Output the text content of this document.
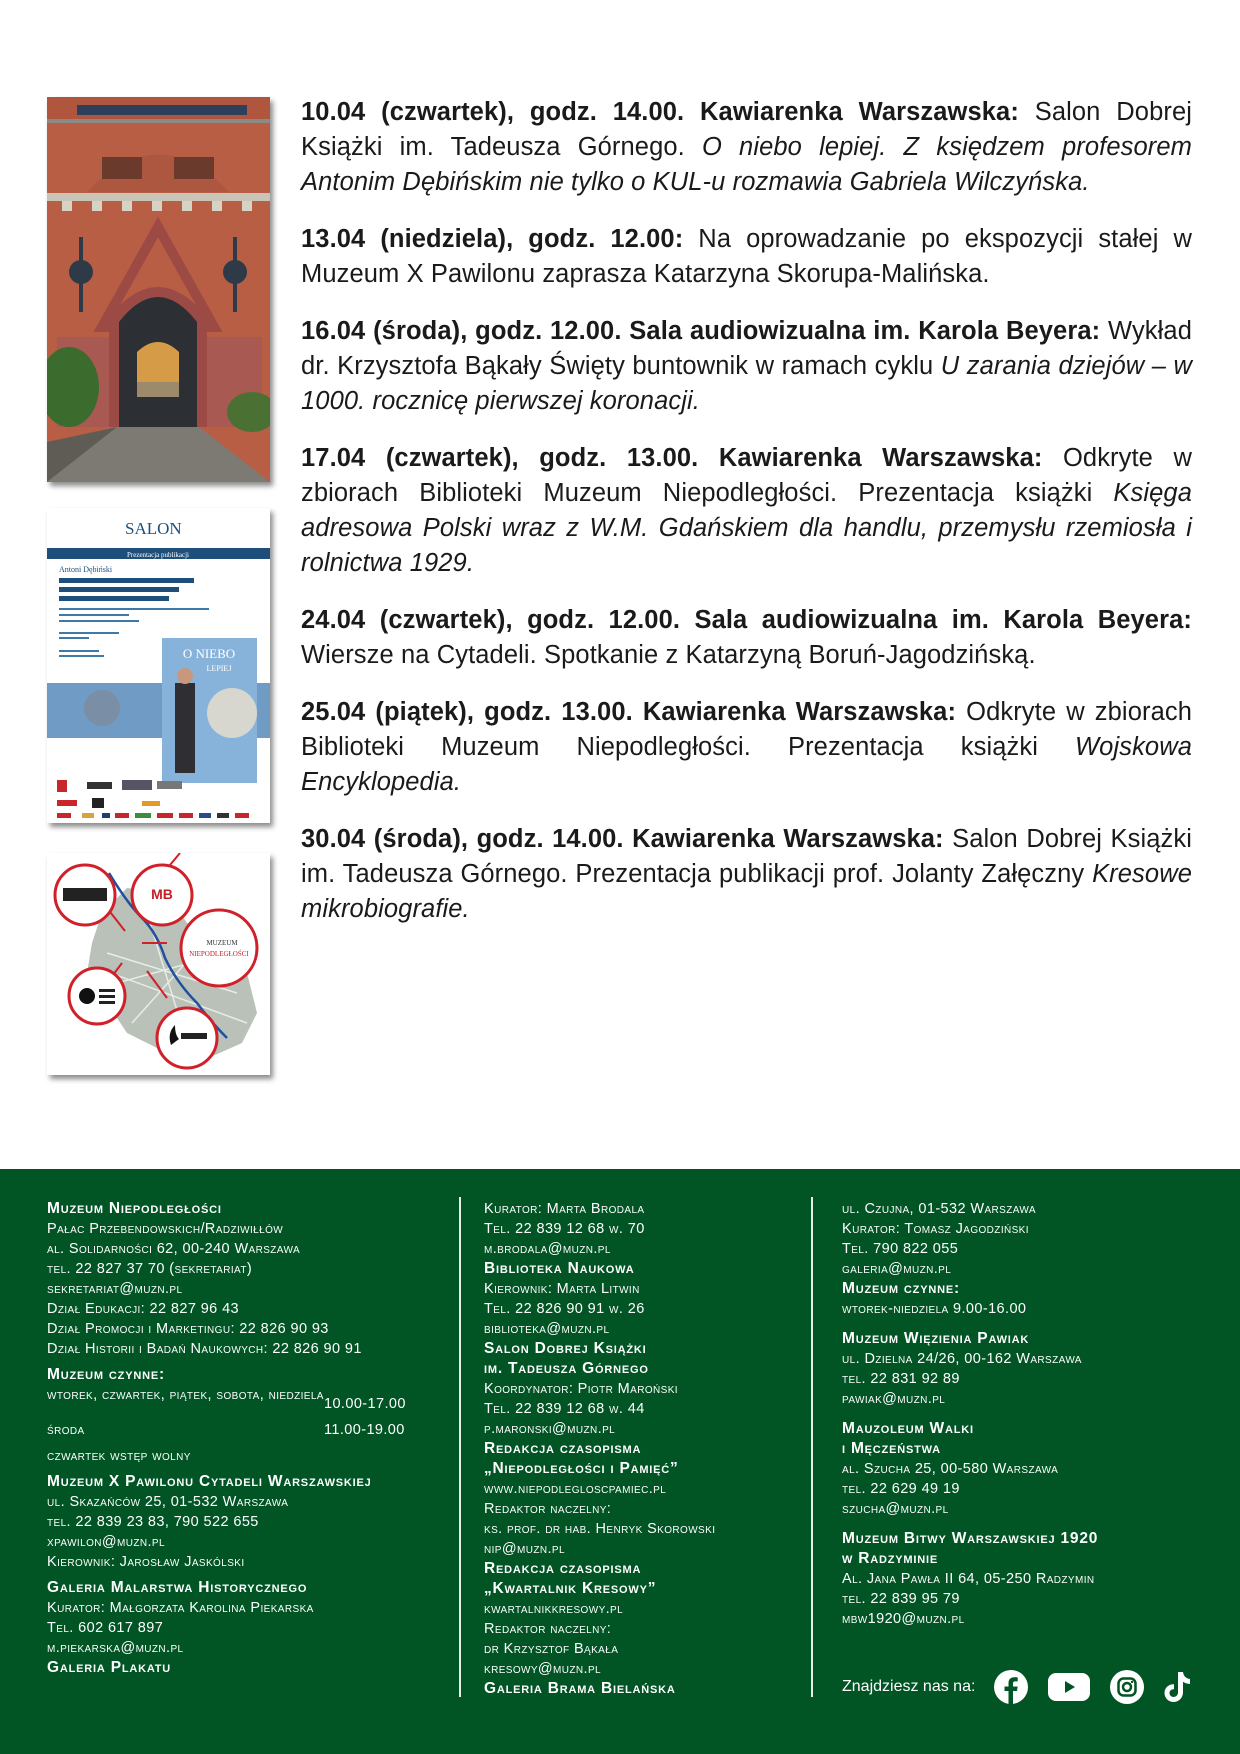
SALON
Prezentacja publikacji
Antoni Dębiński
O NIEBO
LEPIEJ
MB
MUZEUM
NIEPODLEGŁOŚCI

10.04 (czwartek), godz. 14.00. Kawiarenka Warszawska: Salon Dobrej Książki im. Tadeusza Górnego. O niebo lepiej. Z księdzem profesorem Antonim Dębińskim nie tylko o KUL-u rozmawia Gabriela Wilczyńska.

13.04 (niedziela), godz. 12.00: Na oprowadzanie po ekspozycji stałej w Muzeum X Pawilonu zaprasza Katarzyna Skorupa-Malińska.

16.04 (środa), godz. 12.00. Sala audiowizualna im. Karola Beyera: Wykład dr. Krzysztofa Bąkały Święty buntownik w ramach cyklu U zarania dziejów – w 1000. rocznicę pierwszej koronacji.

17.04 (czwartek), godz. 13.00. Kawiarenka Warszawska: Odkryte w zbiorach Biblioteki Muzeum Niepodległości. Prezentacja książki Księga adresowa Polski wraz z W.M. Gdańskiem dla handlu, przemysłu rzemiosła i rolnictwa 1929.

24.04 (czwartek), godz. 12.00. Sala audiowizualna im. Karola Beyera: Wiersze na Cytadeli. Spotkanie z Katarzyną Boruń-Jagodzińską.

25.04 (piątek), godz. 13.00. Kawiarenka Warszawska: Odkryte w zbiorach Biblioteki Muzeum Niepodległości. Prezentacja książki Wojskowa Encyklopedia.

30.04 (środa), godz. 14.00. Kawiarenka Warszawska: Salon Dobrej Książki im. Tadeusza Górnego. Prezentacja publikacji prof. Jolanty Załęczny Kresowe mikrobiografie.

Muzeum Niepodległości
Pałac Przebendowskich/Radziwiłłów
al. Solidarności 62, 00-240 Warszawa
tel. 22 827 37 70 (sekretariat)
sekretariat@muzn.pl
Dział Edukacji: 22 827 96 43
Dział Promocji i Marketingu: 22 826 90 93
Dział Historii i Badań Naukowych: 22 826 90 91
Muzeum czynne:
wtorek, czwartek, piątek, sobota, niedziela
10.00-17.00
środa	11.00-19.00
czwartek wstęp wolny
Muzeum X Pawilonu Cytadeli Warszawskiej
ul. Skazańców 25, 01-532 Warszawa
tel. 22 839 23 83, 790 522 655
xpawilon@muzn.pl
Kierownik: Jarosław Jaskólski
Galeria Malarstwa Historycznego
Kurator: Małgorzata Karolina Piekarska
Tel. 602 617 897
m.piekarska@muzn.pl
Galeria Plakatu
Kurator: Marta Brodala
Tel. 22 839 12 68 w. 70
m.brodala@muzn.pl
Biblioteka Naukowa
Kierownik: Marta Litwin
Tel. 22 826 90 91 w. 26
biblioteka@muzn.pl
Salon Dobrej Książki
im. Tadeusza Górnego
Koordynator: Piotr Maroński
Tel. 22 839 12 68 w. 44
p.maronski@muzn.pl
Redakcja czasopisma
„Niepodległości i Pamięć”
www.niepodlegloscpamiec.pl
Redaktor naczelny:
ks. prof. dr hab. Henryk Skorowski
nip@muzn.pl
Redakcja czasopisma
„Kwartalnik Kresowy”
kwartalnikkresowy.pl
Redaktor naczelny:
dr Krzysztof Bąkała
kresowy@muzn.pl
Galeria Brama Bielańska
ul. Czujna, 01-532 Warszawa
Kurator: Tomasz Jagodziński
Tel. 790 822 055
galeria@muzn.pl
Muzeum czynne:
wtorek-niedziela 9.00-16.00
Muzeum Więzienia Pawiak
ul. Dzielna 24/26, 00-162 Warszawa
tel. 22 831 92 89
pawiak@muzn.pl
Mauzoleum Walki
i Męczeństwa
al. Szucha 25, 00-580 Warszawa
tel. 22 629 49 19
szucha@muzn.pl
Muzeum Bitwy Warszawskiej 1920
w Radzyminie
Al. Jana Pawła II 64, 05-250 Radzymin
tel. 22 839 95 79
mbw1920@muzn.pl
Znajdziesz nas na:
